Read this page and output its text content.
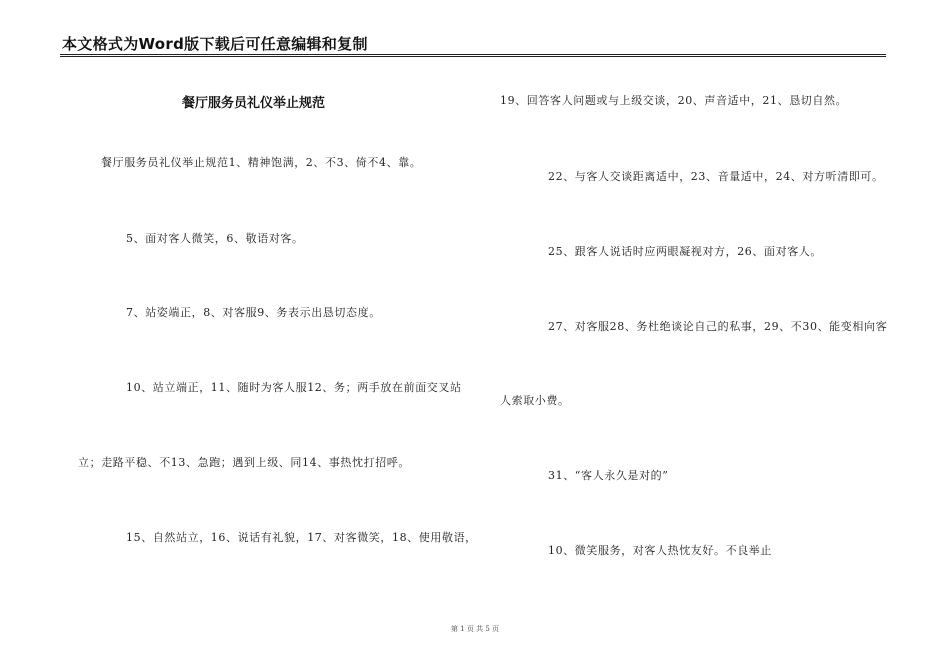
本文格式为Word版下载后可任意编辑和复制
餐厅服务员礼仪举止规范
餐厅服务员礼仪举止规范1、精神饱满，2、不3、倚不4、靠。
5、面对客人微笑，6、敬语对客。
7、站姿端正，8、对客服9、务表示出恳切态度。
10、站立端正，11、随时为客人服12、务；两手放在前面交叉站
立；走路平稳、不13、急跑；遇到上级、同14、事热忱打招呼。
15、自然站立，16、说话有礼貌，17、对客微笑，18、使用敬语，
19、回答客人问题或与上级交谈，20、声音适中，21、恳切自然。
22、与客人交谈距离适中，23、音量适中，24、对方听清即可。
25、跟客人说话时应两眼凝视对方，26、面对客人。
27、对客服28、务杜绝谈论自己的私事，29、不30、能变相向客
人索取小费。
31、“客人永久是对的”
10、微笑服务，对客人热忱友好。不良举止
第 1 页 共 5 页
